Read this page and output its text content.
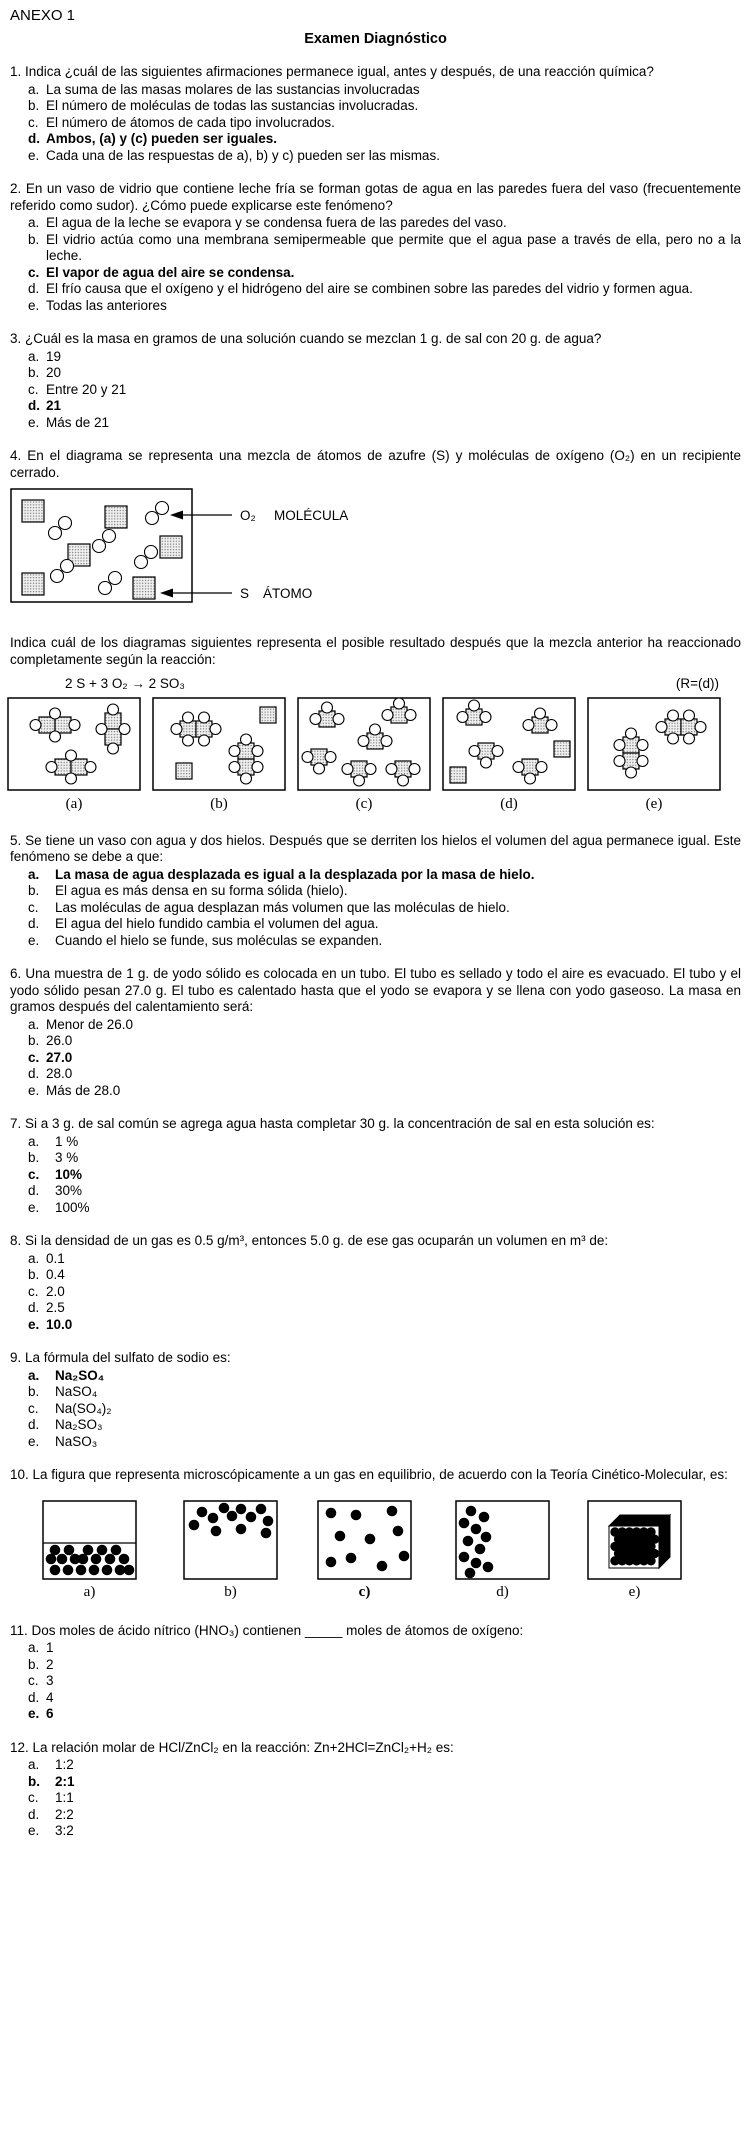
ANEXO 1
Examen Diagnóstico

1. Indica ¿cuál de las siguientes afirmaciones permanece igual, antes y después, de una reacción química?

a. La suma de las masas molares de las sustancias involucradas
b. El número de moléculas de todas las sustancias involucradas.
c. El número de átomos de cada tipo involucrados.
d. Ambos, (a) y (c) pueden ser iguales.
e. Cada una de las respuestas de a), b) y c) pueden ser las mismas.

2. En un vaso de vidrio que contiene leche fría se forman gotas de agua en las paredes fuera del vaso (frecuentemente referido como sudor). ¿Cómo puede explicarse este fenómeno?

a. El agua de la leche se evapora y se condensa fuera de las paredes del vaso.
b. El vidrio actúa como una membrana semipermeable que permite que el agua pase a través de ella, pero no a la leche.
c. El vapor de agua del aire se condensa.
d. El frío causa que el oxígeno y el hidrógeno del aire se combinen sobre las paredes del vidrio y formen agua.
e. Todas las anteriores

3. ¿Cuál es la masa en gramos de una solución cuando se mezclan 1 g. de sal con 20 g. de agua?

a. 19
b. 20
c. Entre 20 y 21
d. 21
e. Más de 21

4. En el diagrama se representa una mezcla de átomos de azufre (S) y moléculas de oxígeno (O₂) en un recipiente cerrado.

O₂ MOLÉCULA
S ÁTOMO

Indica cuál de los diagramas siguientes representa el posible resultado después que la mezcla anterior ha reaccionado completamente según la reacción:

2 S + 3 O₂ → 2 SO₃	(R=(d))
(a)	(b)	(c)	(d)	(e)

5. Se tiene un vaso con agua y dos hielos. Después que se derriten los hielos el volumen del agua permanece igual. Este fenómeno se debe a que:

a.	La masa de agua desplazada es igual a la desplazada por la masa de hielo.
b.	El agua es más densa en su forma sólida (hielo).
c.	Las moléculas de agua desplazan más volumen que las moléculas de hielo.
d.	El agua del hielo fundido cambia el volumen del agua.
e.	Cuando el hielo se funde, sus moléculas se expanden.

6. Una muestra de 1 g. de yodo sólido es colocada en un tubo. El tubo es sellado y todo el aire es evacuado. El tubo y el yodo sólido pesan 27.0 g. El tubo es calentado hasta que el yodo se evapora y se llena con yodo gaseoso. La masa en gramos después del calentamiento será:

a. Menor de 26.0
b. 26.0
c. 27.0
d. 28.0
e. Más de 28.0

7. Si a 3 g. de sal común se agrega agua hasta completar 30 g. la concentración de sal en esta solución es:

a.	1 %
b.	3 %
c.	10%
d.	30%
e.	100%

8. Si la densidad de un gas es 0.5 g/m³, entonces 5.0 g. de ese gas ocuparán un volumen en m³ de:

a. 0.1
b. 0.4
c. 2.0
d. 2.5
e. 10.0

9. La fórmula del sulfato de sodio es:

a.	Na₂SO₄
b.	NaSO₄
c.	Na(SO₄)₂
d.	Na₂SO₃
e.	NaSO₃

10. La figura que representa microscópicamente a un gas en equilibrio, de acuerdo con la Teoría Cinético-Molecular, es:

a)	b)	c)	d)	e)

11. Dos moles de ácido nítrico (HNO₃) contienen _____ moles de átomos de oxígeno:

a. 1
b. 2
c. 3
d. 4
e. 6

12. La relación molar de HCl/ZnCl₂ en la reacción: Zn+2HCl=ZnCl₂+H₂ es:

a.	1:2
b.	2:1
c.	1:1
d.	2:2
e.	3:2
